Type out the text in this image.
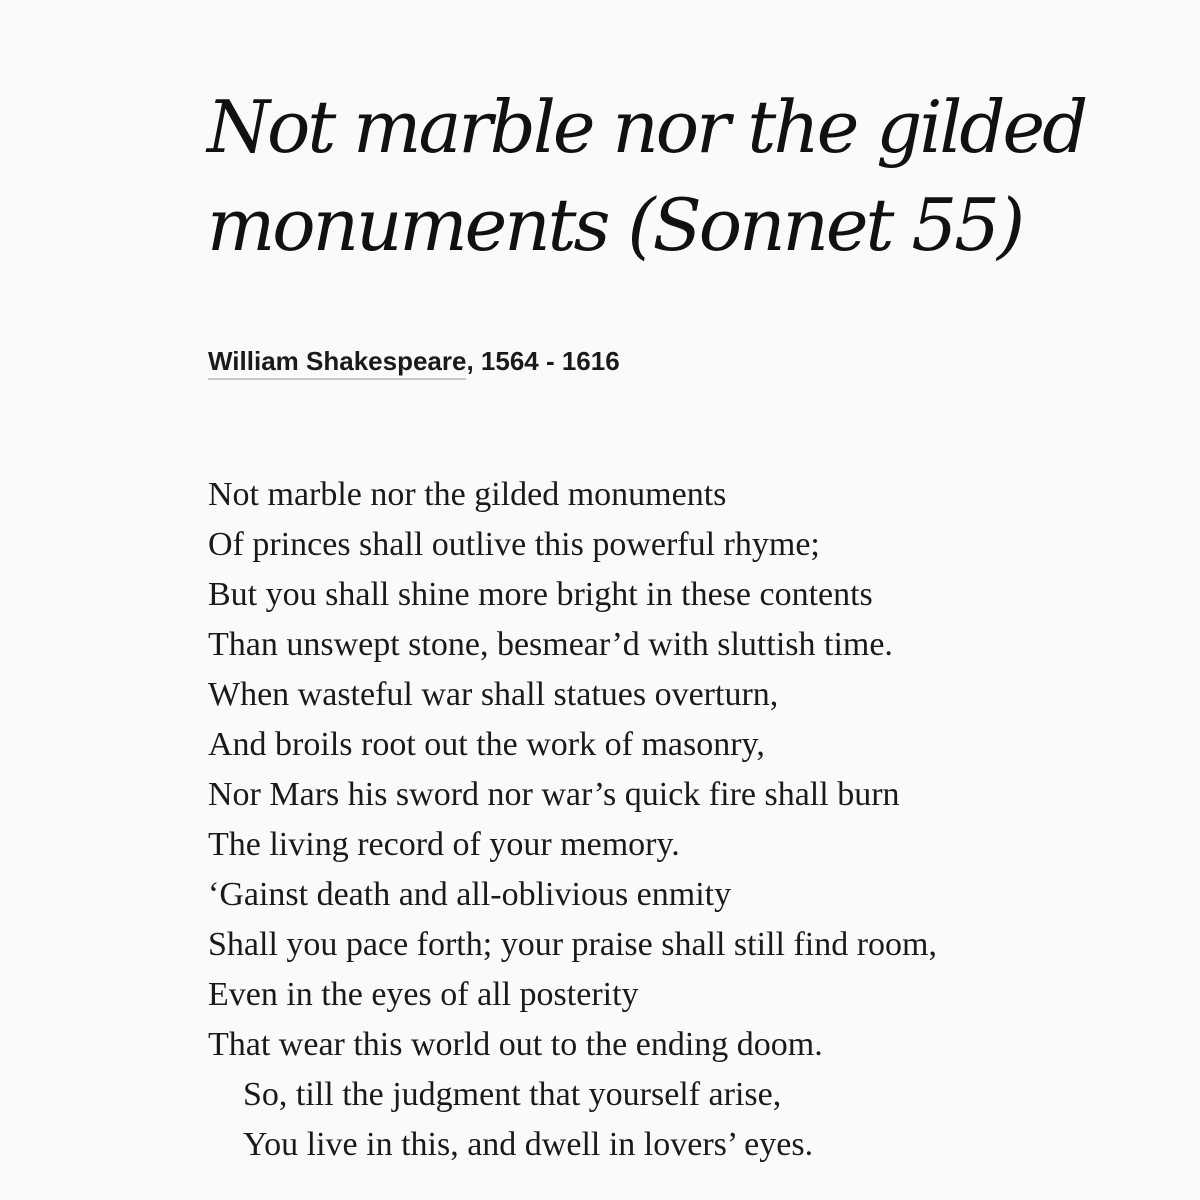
Not marble nor the gilded
monuments (Sonnet 55)
William Shakespeare, 1564 - 1616
Not marble nor the gilded monuments
Of princes shall outlive this powerful rhyme;
But you shall shine more bright in these contents
Than unswept stone, besmear’d with sluttish time.
When wasteful war shall statues overturn,
And broils root out the work of masonry,
Nor Mars his sword nor war’s quick fire shall burn
The living record of your memory.
‘Gainst death and all-oblivious enmity
Shall you pace forth; your praise shall still find room,
Even in the eyes of all posterity
That wear this world out to the ending doom.
So, till the judgment that yourself arise,
You live in this, and dwell in lovers’ eyes.
